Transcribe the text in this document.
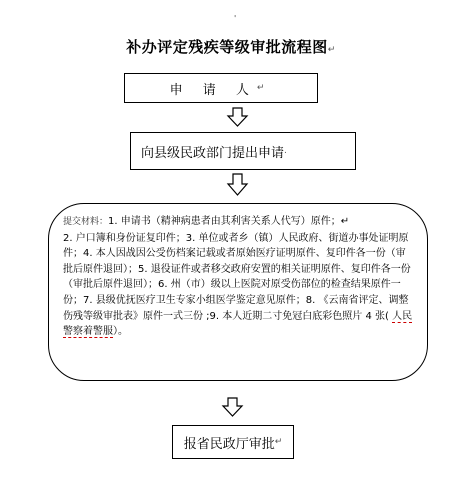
'
补办评定残疾等级审批流程图↵
申 请 人 ↵
向县级民政部门提出申请 .
提交材料：1. 申请书（精神病患者由其利害关系人代写）原件；↵
2. 户口簿和身份证复印件；3. 单位或者乡（镇）人民政府、街道办事处证明原件；4. 本人因战因公受伤档案记载或者原始医疗证明原件、复印件各一份（审批后原件退回）；5. 退役证件或者移交政府安置的相关证明原件、复印件各一份（审批后原件退回）；6. 州（市）级以上医院对原受伤部位的检查结果原件一份；7. 县级优抚医疗卫生专家小组医学鉴定意见原件；8. 《云南省评定、调整伤残等级审批表》原件一式三份 ;9. 本人近期二寸免冠白底彩色照片 4 张( 人民警察着警服）。
报省民政厅审批 ↵
